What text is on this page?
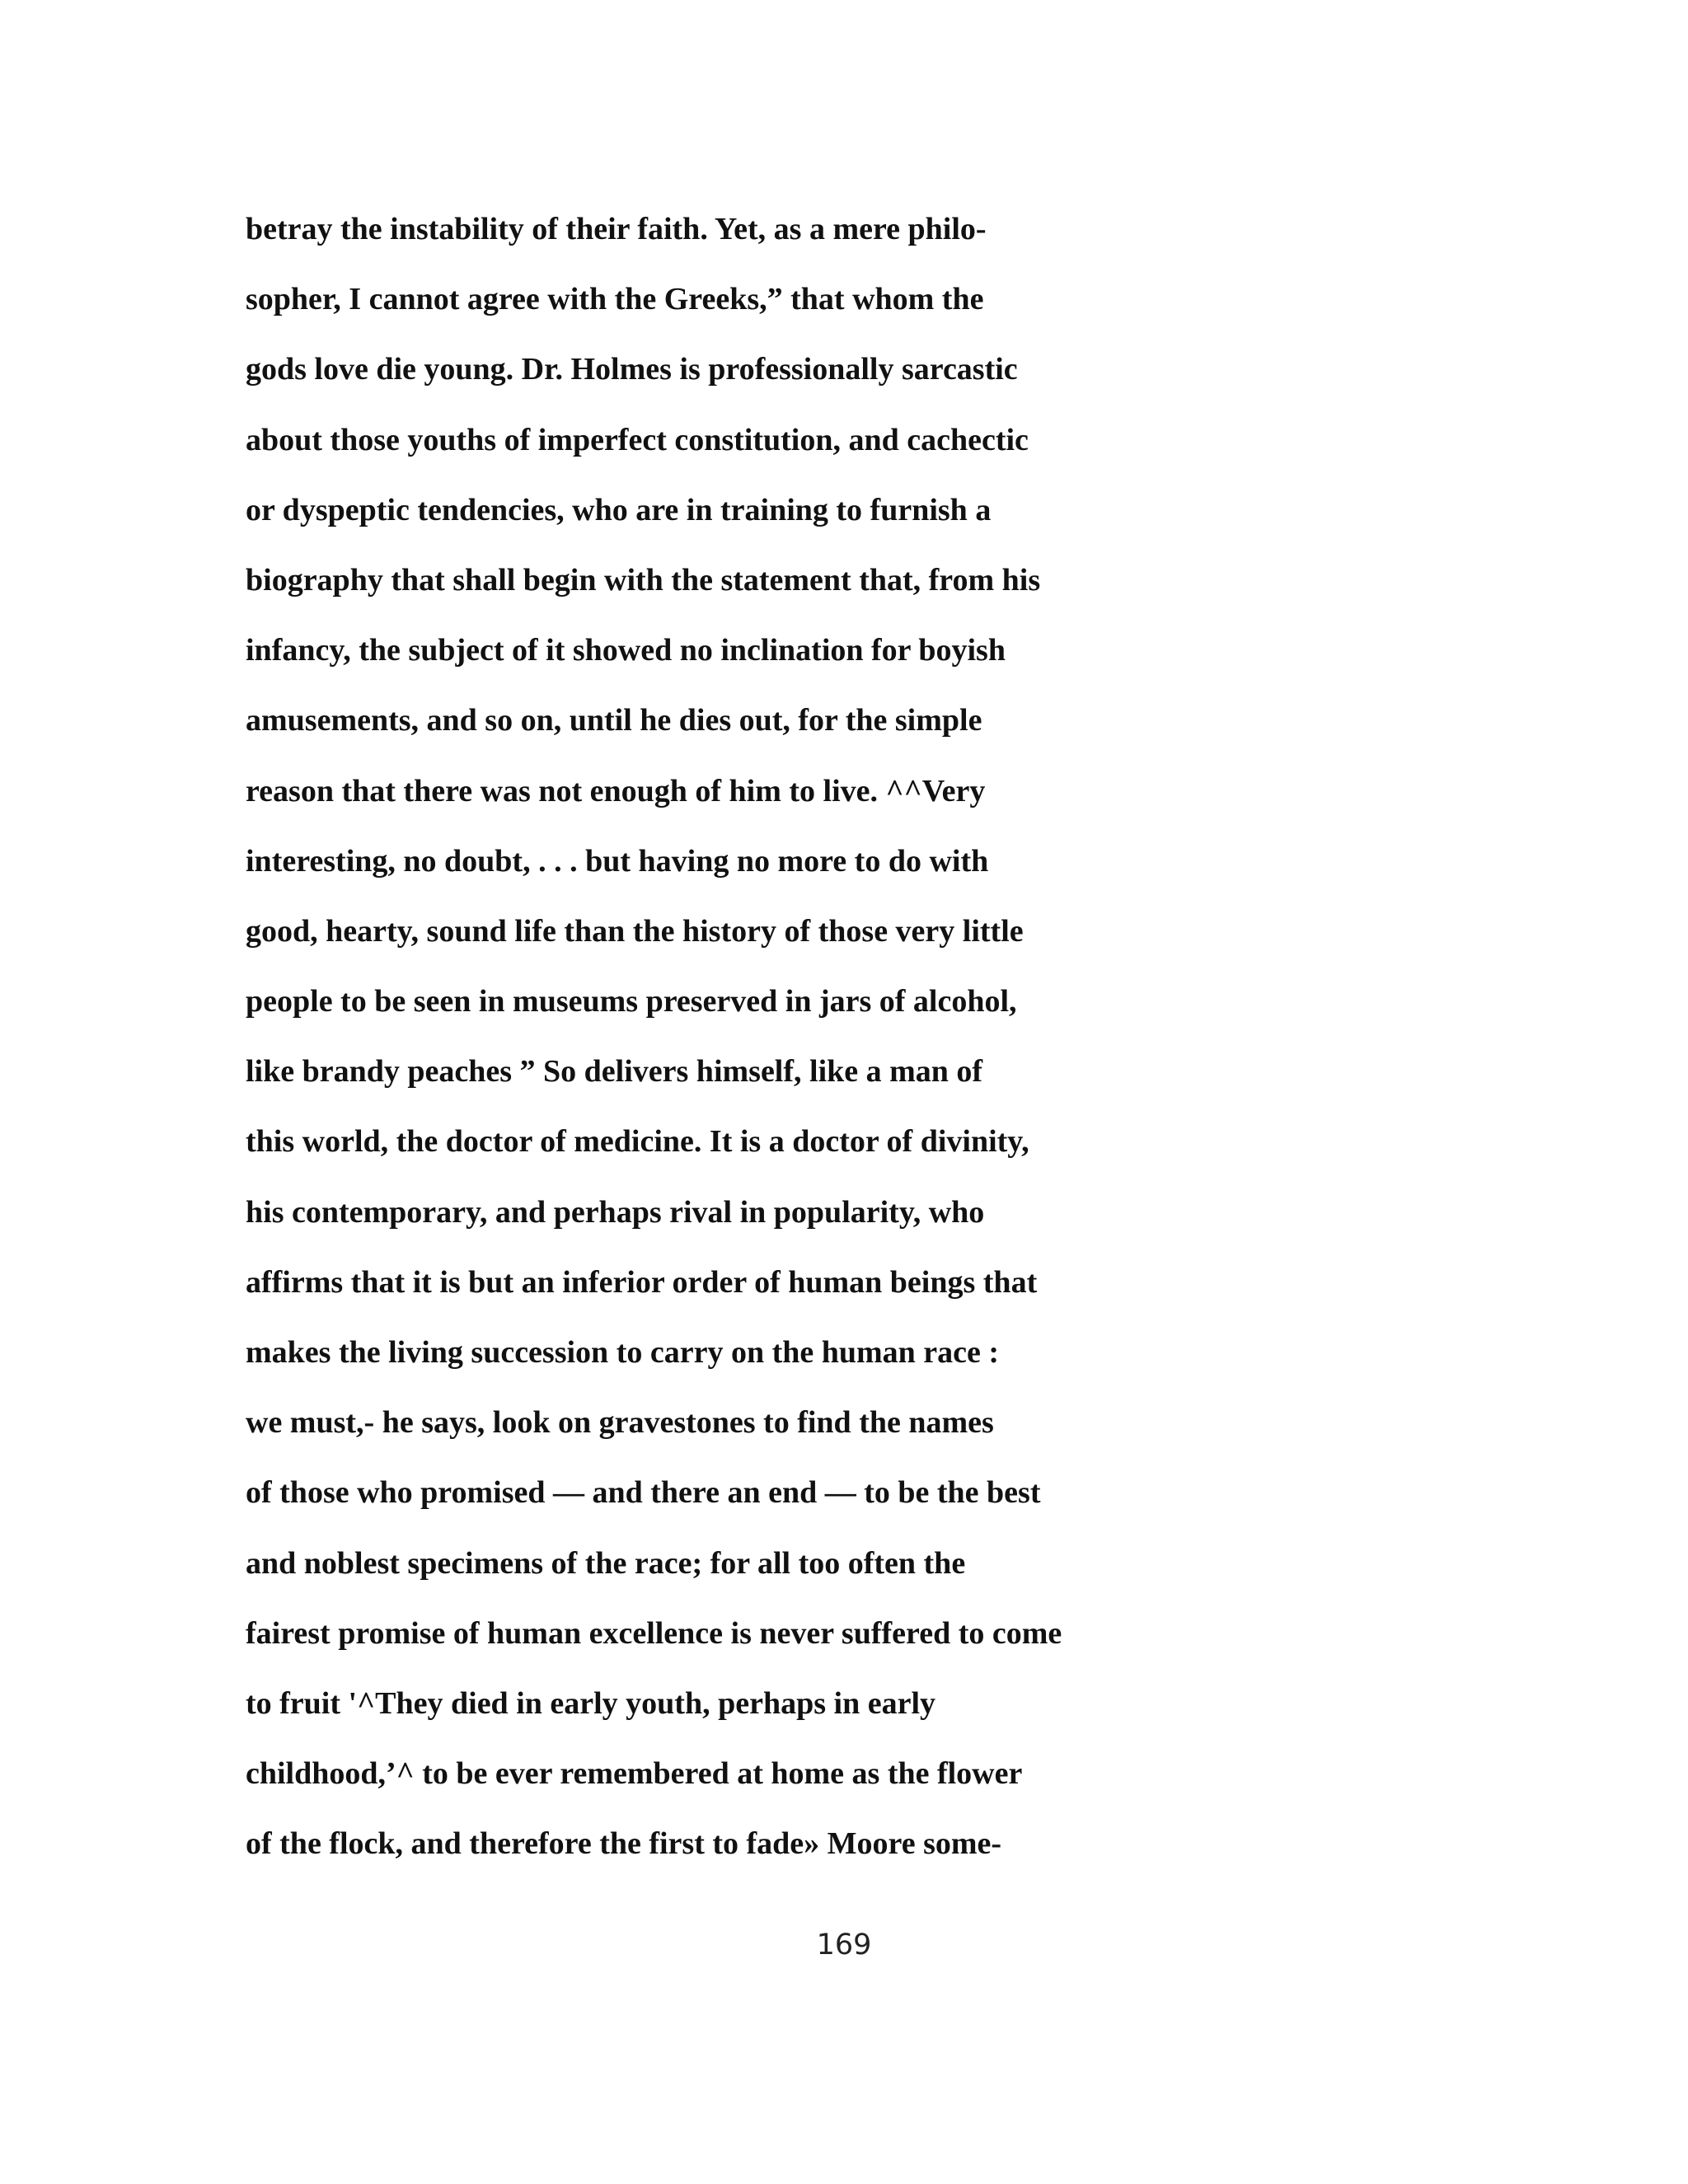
betray the instability of their faith. Yet, as a mere philo-
sopher, I cannot agree with the Greeks,” that whom the
gods love die young. Dr. Holmes is professionally sarcastic
about those youths of imperfect constitution, and cachectic
or dyspeptic tendencies, who are in training to furnish a
biography that shall begin with the statement that, from his
infancy, the subject of it showed no inclination for boyish
amusements, and so on, until he dies out, for the simple
reason that there was not enough of him to live. ^^Very
interesting, no doubt, . . . but having no more to do with
good, hearty, sound life than the history of those very little
people to be seen in museums preserved in jars of alcohol,
like brandy peaches ” So delivers himself, like a man of
this world, the doctor of medicine. It is a doctor of divinity,
his contemporary, and perhaps rival in popularity, who
affirms that it is but an inferior order of human beings that
makes the living succession to carry on the human race :
we must,- he says, look on gravestones to find the names
of those who promised — and there an end — to be the best
and noblest specimens of the race; for all too often the
fairest promise of human excellence is never suffered to come
to fruit '^They died in early youth, perhaps in early
childhood,’^ to be ever remembered at home as the flower
of the flock, and therefore the first to fade» Moore some-
169
